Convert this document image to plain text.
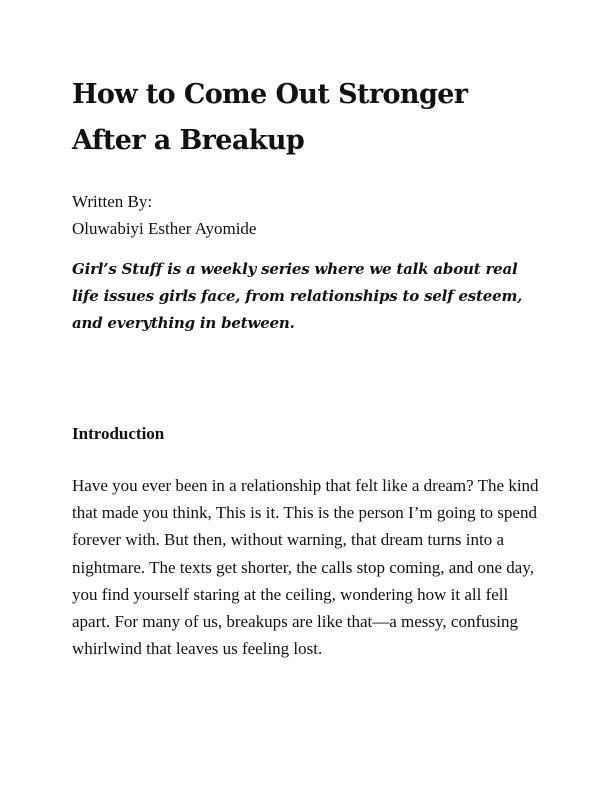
How to Come Out Stronger After a Breakup
Written By:
Oluwabiyi Esther Ayomide
Girl’s Stuff is a weekly series where we talk about real life issues girls face, from relationships to self esteem, and everything in between.
Introduction

Have you ever been in a relationship that felt like a dream? The kind that made you think, This is it. This is the person I’m going to spend forever with. But then, without warning, that dream turns into a nightmare. The texts get shorter, the calls stop coming, and one day, you find yourself staring at the ceiling, wondering how it all fell apart. For many of us, breakups are like that—a messy, confusing whirlwind that leaves us feeling lost.
